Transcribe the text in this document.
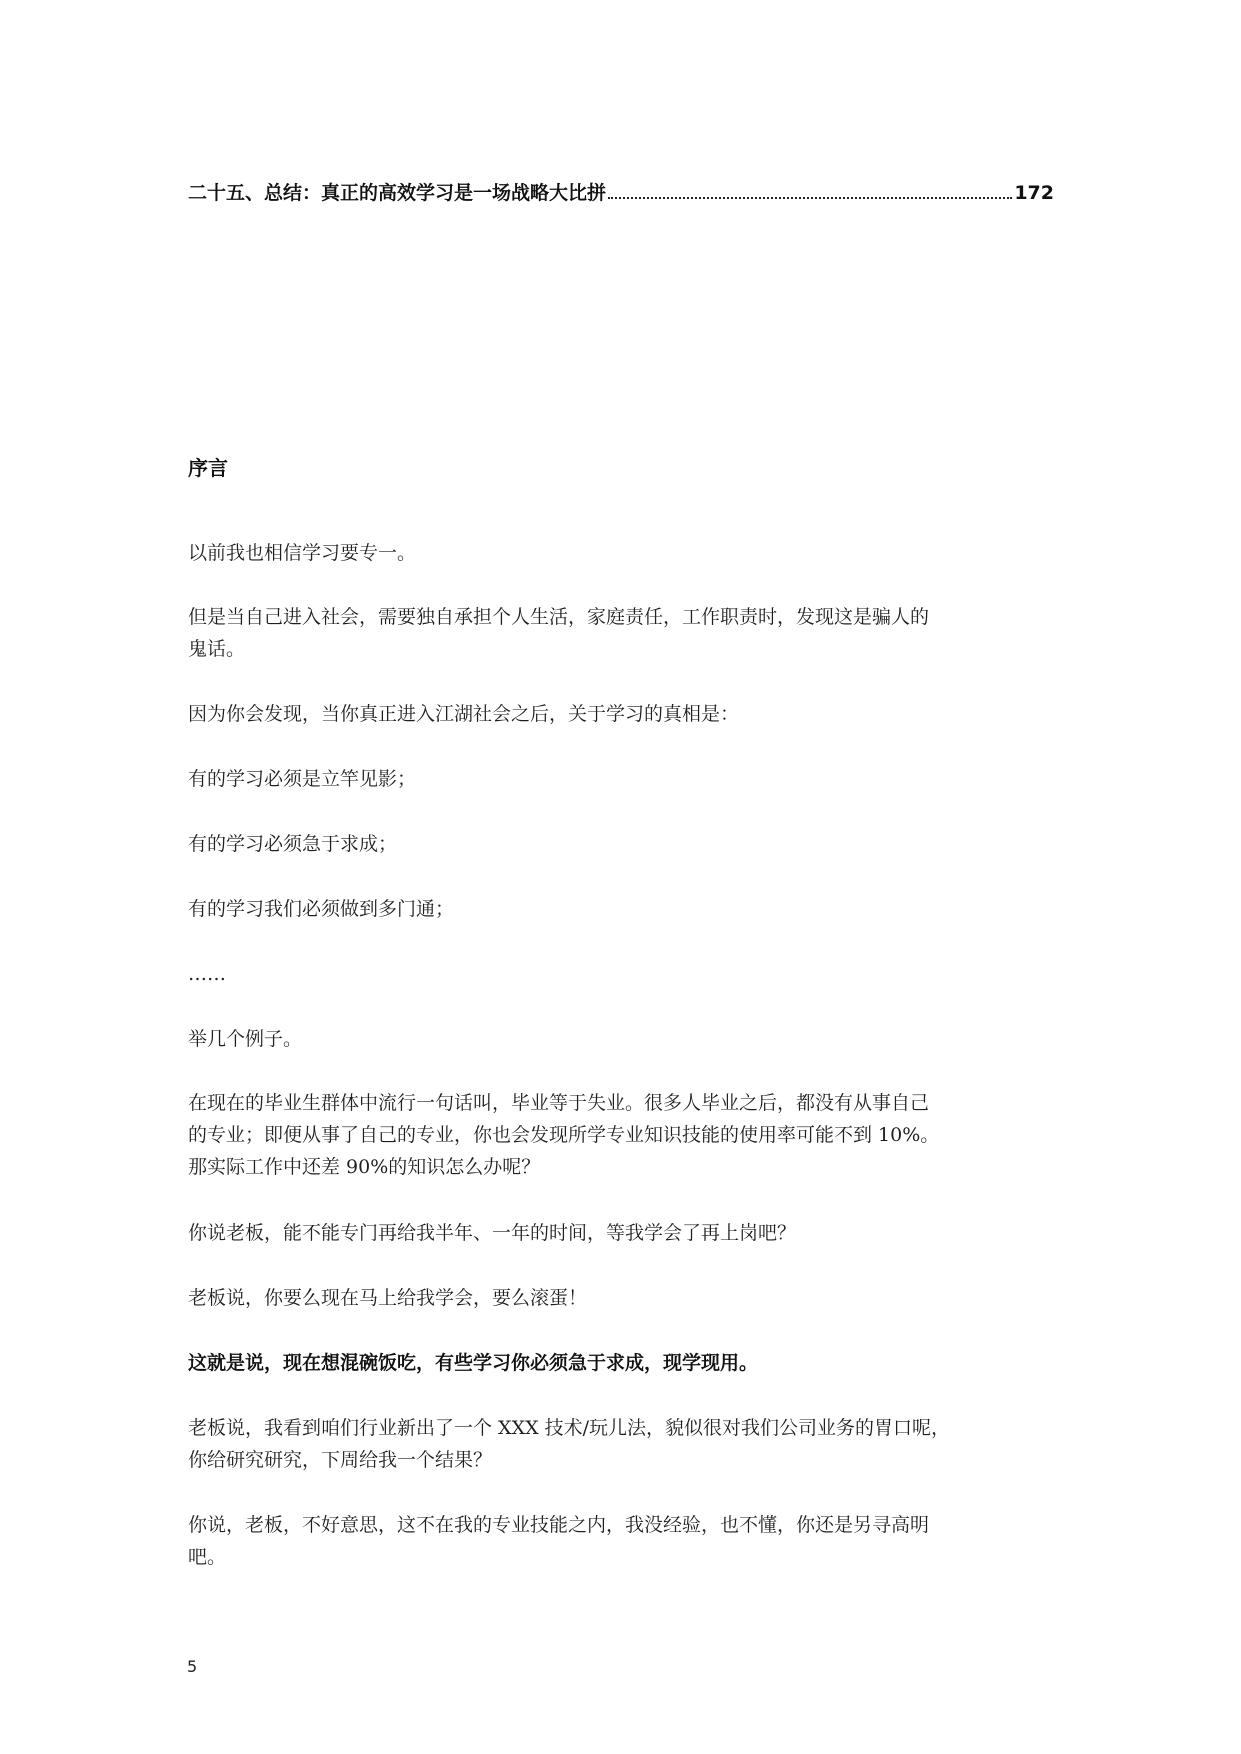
二十五、总结：真正的高效学习是一场战略大比拼	172
序言

以前我也相信学习要专一。

但是当自己进入社会，需要独自承担个人生活，家庭责任，工作职责时，发现这是骗人的
鬼话。

因为你会发现，当你真正进入江湖社会之后，关于学习的真相是：

有的学习必须是立竿见影；

有的学习必须急于求成；

有的学习我们必须做到多门通；

……

举几个例子。

在现在的毕业生群体中流行一句话叫，毕业等于失业。很多人毕业之后，都没有从事自己
的专业；即便从事了自己的专业，你也会发现所学专业知识技能的使用率可能不到 10%。
那实际工作中还差 90%的知识怎么办呢？

你说老板，能不能专门再给我半年、一年的时间，等我学会了再上岗吧？

老板说，你要么现在马上给我学会，要么滚蛋！

这就是说，现在想混碗饭吃，有些学习你必须急于求成，现学现用。

老板说，我看到咱们行业新出了一个 XXX 技术/玩儿法，貌似很对我们公司业务的胃口呢，
你给研究研究，下周给我一个结果？

你说，老板，不好意思，这不在我的专业技能之内，我没经验，也不懂，你还是另寻高明
吧。

5
